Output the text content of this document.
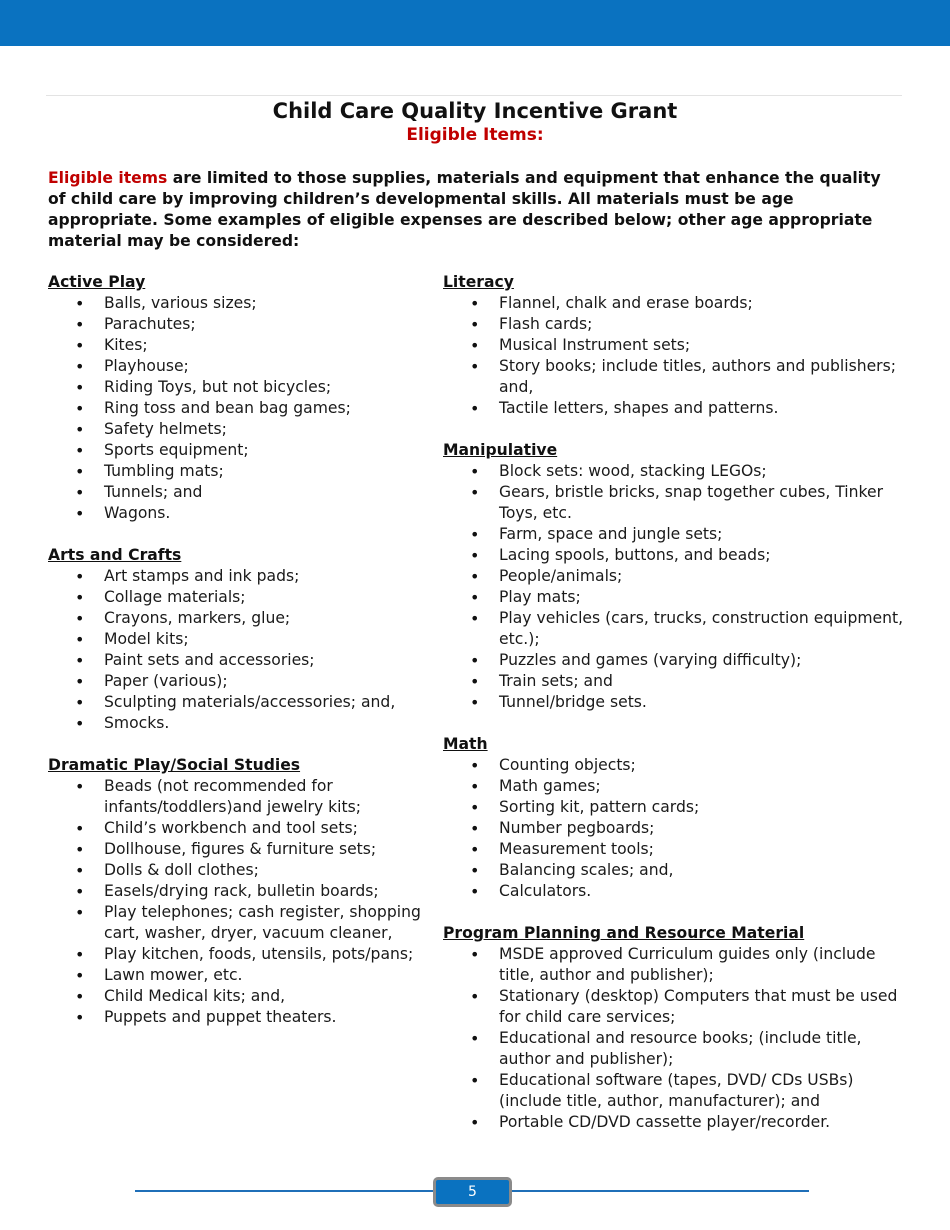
Child Care Quality Incentive Grant
Eligible Items:
Eligible items are limited to those supplies, materials and equipment that enhance the quality of child care by improving children’s developmental skills. All materials must be age appropriate. Some examples of eligible expenses are described below; other age appropriate material may be considered:
Active Play
• Balls, various sizes;
• Parachutes;
• Kites;
• Playhouse;
• Riding Toys, but not bicycles;
• Ring toss and bean bag games;
• Safety helmets;
• Sports equipment;
• Tumbling mats;
• Tunnels; and
• Wagons.
Arts and Crafts
• Art stamps and ink pads;
• Collage materials;
• Crayons, markers, glue;
• Model kits;
• Paint sets and accessories;
• Paper (various);
• Sculpting materials/accessories; and,
• Smocks.
Dramatic Play/Social Studies
• Beads (not recommended for infants/toddlers)and jewelry kits;
• Child’s workbench and tool sets;
• Dollhouse, figures & furniture sets;
• Dolls & doll clothes;
• Easels/drying rack, bulletin boards;
• Play telephones; cash register, shopping cart, washer, dryer, vacuum cleaner,
• Play kitchen, foods, utensils, pots/pans;
• Lawn mower, etc.
• Child Medical kits; and,
• Puppets and puppet theaters.
Literacy
• Flannel, chalk and erase boards;
• Flash cards;
• Musical Instrument sets;
• Story books; include titles, authors and publishers; and,
• Tactile letters, shapes and patterns.
Manipulative
• Block sets: wood, stacking LEGOs;
• Gears, bristle bricks, snap together cubes, Tinker Toys, etc.
• Farm, space and jungle sets;
• Lacing spools, buttons, and beads;
• People/animals;
• Play mats;
• Play vehicles (cars, trucks, construction equipment, etc.);
• Puzzles and games (varying difficulty);
• Train sets; and
• Tunnel/bridge sets.
Math
• Counting objects;
• Math games;
• Sorting kit, pattern cards;
• Number pegboards;
• Measurement tools;
• Balancing scales; and,
• Calculators.
Program Planning and Resource Material
• MSDE approved Curriculum guides only (include title, author and publisher);
• Stationary (desktop) Computers that must be used for child care services;
• Educational and resource books; (include title, author and publisher);
• Educational software (tapes, DVD/ CDs USBs)(include title, author, manufacturer); and
• Portable CD/DVD cassette player/recorder.
5
